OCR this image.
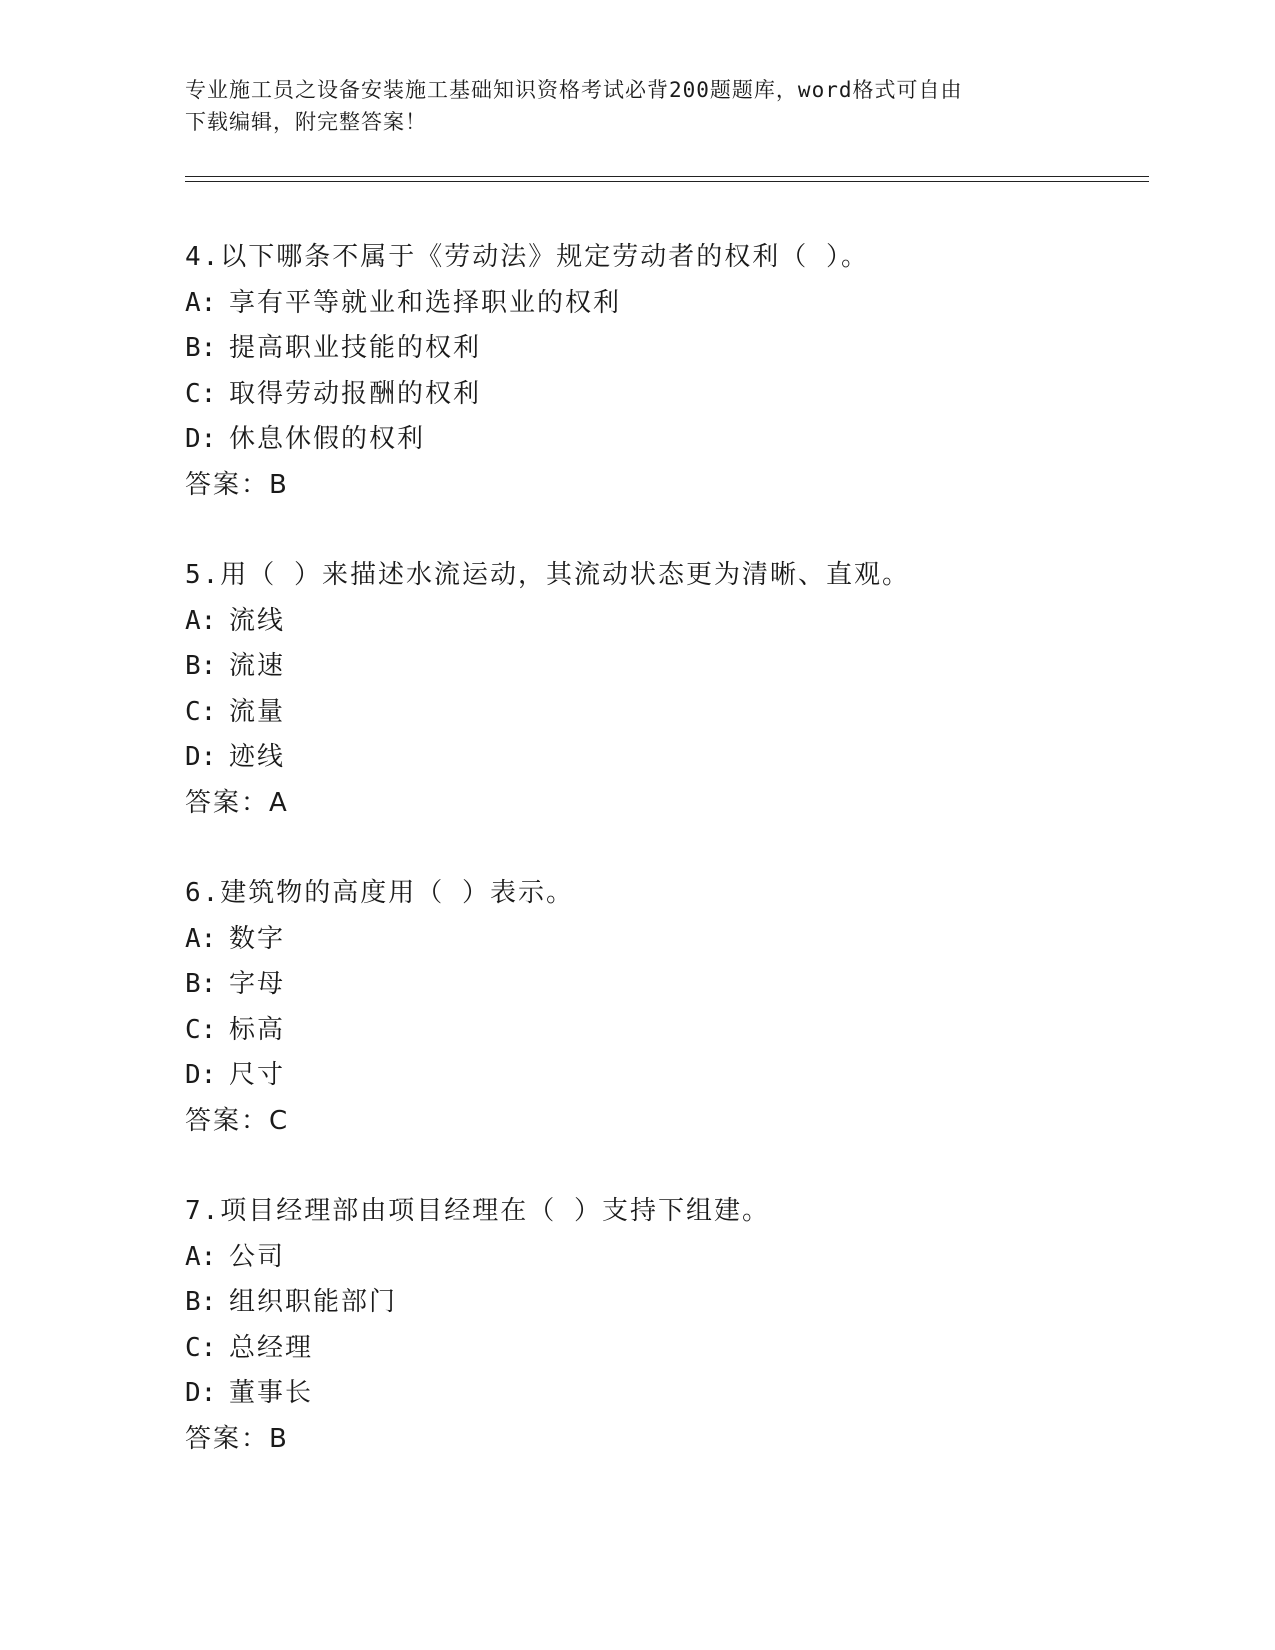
专业施工员之设备安装施工基础知识资格考试必背200题题库，word格式可自由
下载编辑，附完整答案！
4.以下哪条不属于《劳动法》规定劳动者的权利（ ）。
A: 享有平等就业和选择职业的权利
B: 提高职业技能的权利
C: 取得劳动报酬的权利
D: 休息休假的权利
答案：B
5.用（ ）来描述水流运动，其流动状态更为清晰、直观。
A: 流线
B: 流速
C: 流量
D: 迹线
答案：A
6.建筑物的高度用（ ）表示。
A: 数字
B: 字母
C: 标高
D: 尺寸
答案：C
7.项目经理部由项目经理在（ ）支持下组建。
A: 公司
B: 组织职能部门
C: 总经理
D: 董事长
答案：B
